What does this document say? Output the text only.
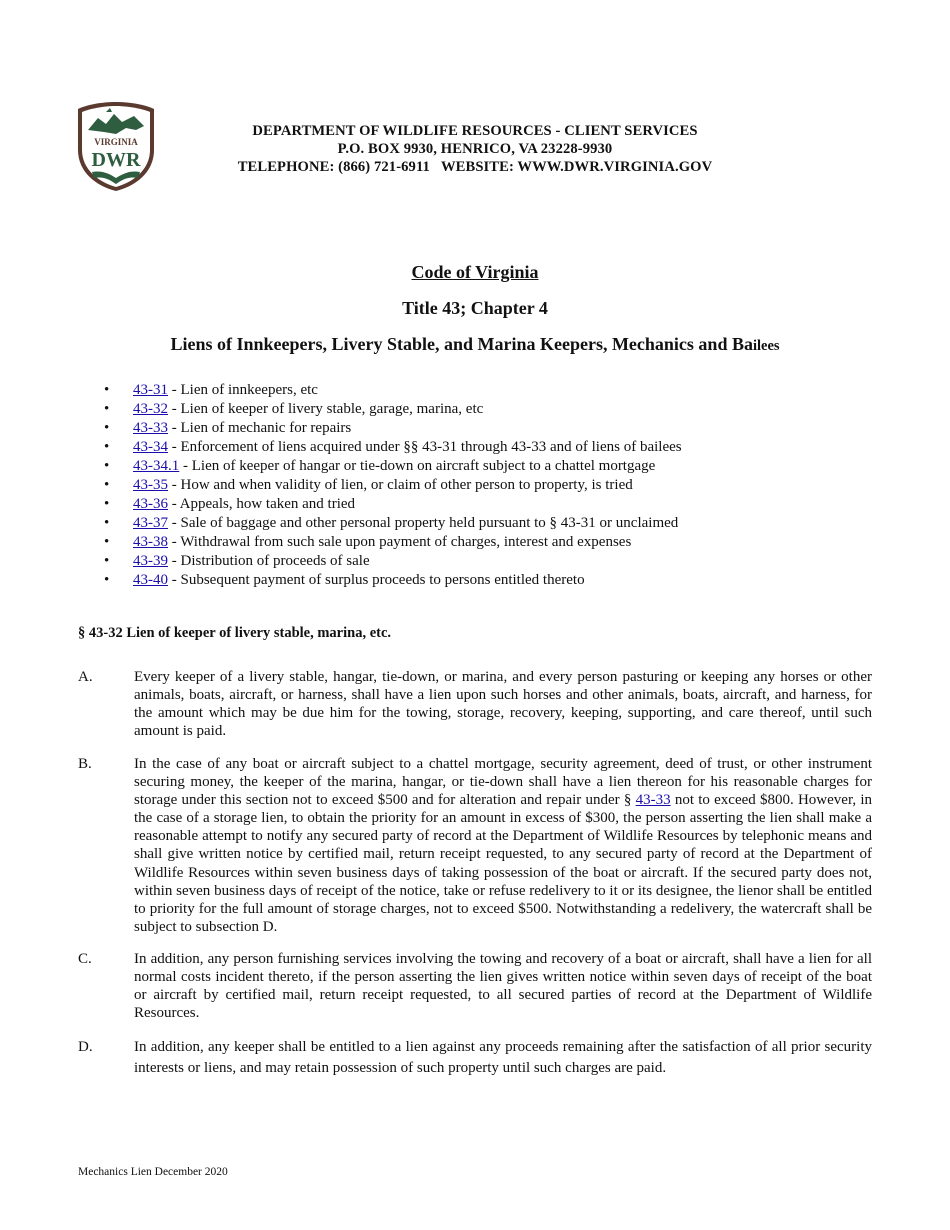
VIRGINIA
DWR
DEPARTMENT OF WILDLIFE RESOURCES - CLIENT SERVICES
P.O. BOX 9930, HENRICO, VA 23228-9930
TELEPHONE: (866) 721-6911 WEBSITE: WWW.DWR.VIRGINIA.GOV
Code of Virginia
Title 43; Chapter 4
Liens of Innkeepers, Livery Stable, and Marina Keepers, Mechanics and Bailees
• 43-31 - Lien of innkeepers, etc
• 43-32 - Lien of keeper of livery stable, garage, marina, etc
• 43-33 - Lien of mechanic for repairs
• 43-34 - Enforcement of liens acquired under §§ 43-31 through 43-33 and of liens of bailees
• 43-34.1 - Lien of keeper of hangar or tie-down on aircraft subject to a chattel mortgage
• 43-35 - How and when validity of lien, or claim of other person to property, is tried
• 43-36 - Appeals, how taken and tried
• 43-37 - Sale of baggage and other personal property held pursuant to § 43-31 or unclaimed
• 43-38 - Withdrawal from such sale upon payment of charges, interest and expenses
• 43-39 - Distribution of proceeds of sale
• 43-40 - Subsequent payment of surplus proceeds to persons entitled thereto
§ 43-32 Lien of keeper of livery stable, marina, etc.
A.	Every keeper of a livery stable, hangar, tie-down, or marina, and every person pasturing or keeping any horses or other animals, boats, aircraft, or harness, shall have a lien upon such horses and other animals, boats, aircraft, and harness, for the amount which may be due him for the towing, storage, recovery, keeping, supporting, and care thereof, until such amount is paid.
B.	In the case of any boat or aircraft subject to a chattel mortgage, security agreement, deed of trust, or other instrument securing money, the keeper of the marina, hangar, or tie-down shall have a lien thereon for his reasonable charges for storage under this section not to exceed $500 and for alteration and repair under § 43-33 not to exceed $800. However, in the case of a storage lien, to obtain the priority for an amount in excess of $300, the person asserting the lien shall make a reasonable attempt to notify any secured party of record at the Department of Wildlife Resources by telephonic means and shall give written notice by certified mail, return receipt requested, to any secured party of record at the Department of Wildlife Resources within seven business days of taking possession of the boat or aircraft. If the secured party does not, within seven business days of receipt of the notice, take or refuse redelivery to it or its designee, the lienor shall be entitled to priority for the full amount of storage charges, not to exceed $500. Notwithstanding a redelivery, the watercraft shall be subject to subsection D.
C.	In addition, any person furnishing services involving the towing and recovery of a boat or aircraft, shall have a lien for all normal costs incident thereto, if the person asserting the lien gives written notice within seven days of receipt of the boat or aircraft by certified mail, return receipt requested, to all secured parties of record at the Department of Wildlife Resources.
D.	In addition, any keeper shall be entitled to a lien against any proceeds remaining after the satisfaction of all prior security interests or liens, and may retain possession of such property until such charges are paid.
Mechanics Lien December 2020
